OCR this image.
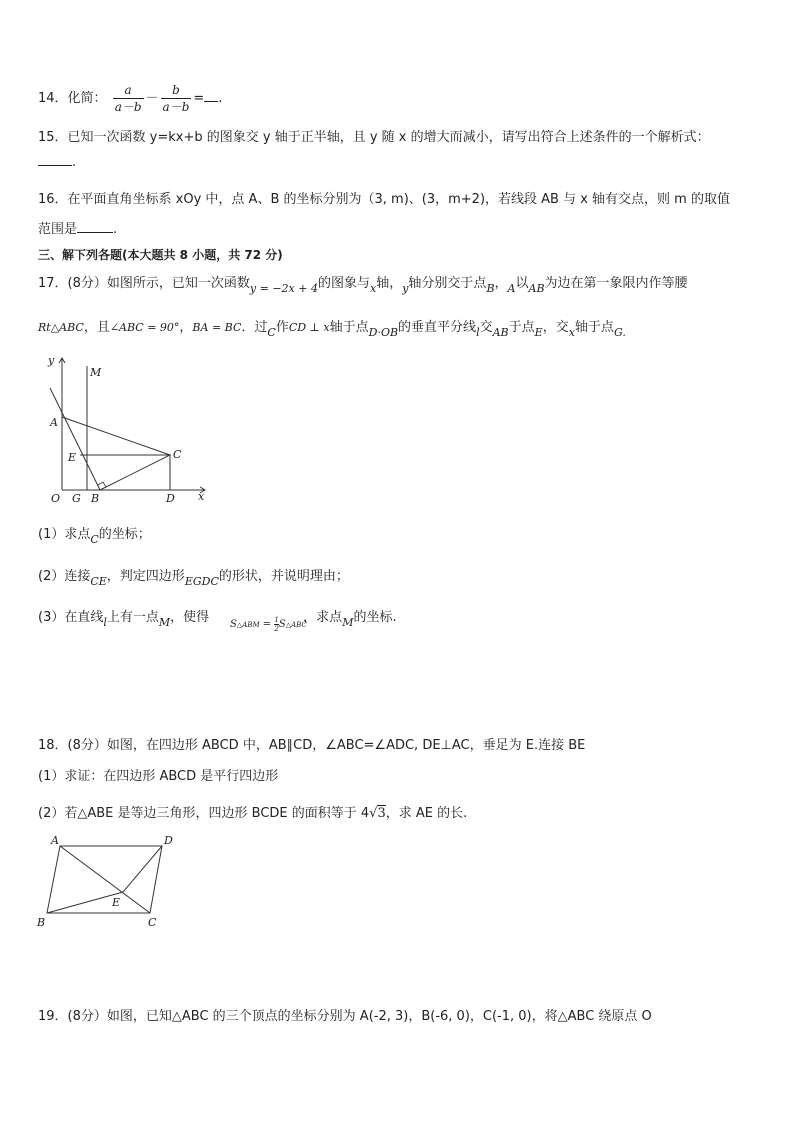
14．化简： $\frac{a}{a-b} - \frac{b}{a-b}$ = .
15．已知一次函数 y=kx+b 的图象交 y 轴于正半轴，且 y 随 x 的增大而减小，请写出符合上述条件的一个解析式：
.
16．在平面直角坐标系 xOy 中，点 A、B 的坐标分别为（3, m)、(3，m+2)，若线段 AB 与 x 轴有交点，则 m 的取值
范围是	.
三、解下列各题(本大题共 8 小题，共 72 分)
17．(8分）如图所示，已知一次函数$_{y = -2x + 4}$的图象与$_x$轴，$_y$轴分别交于点$_B$，$_A$以$_{AB}$为边在第一象限内作等腰
Rt△ABC，且∠ABC = 90°，BA = BC．过$_C$作CD ⊥ x轴于点$_{D\cdot OB}$的垂直平分线$_l$交$_{AB}$于点$_E$，交$_x$轴于点$_{G.}$
y
M
A
E	C
O G B	D x
(1）求点$_C$的坐标；
(2）连接$_{CE}$，判定四边形$_{EGDC}$的形状，并说明理由；
(3）在直线$_l$上有一点$_M$，使得	，求点$_M$的坐标.
S△ABM = $\frac{1}{2}$ S△ABC
18．(8分）如图，在四边形 ABCD 中，AB∥CD，∠ABC=∠ADC, DE⊥AC，垂足为 E.连接 BE
(1）求证：在四边形 ABCD 是平行四边形
(2）若△ABE 是等边三角形，四边形 BCDE 的面积等于 4√3，求 AE 的长.
A	D
E
B	C
19．(8分）如图，已知△ABC 的三个顶点的坐标分别为 A(-2, 3)，B(-6, 0)，C(-1, 0)，将△ABC 绕原点 O
